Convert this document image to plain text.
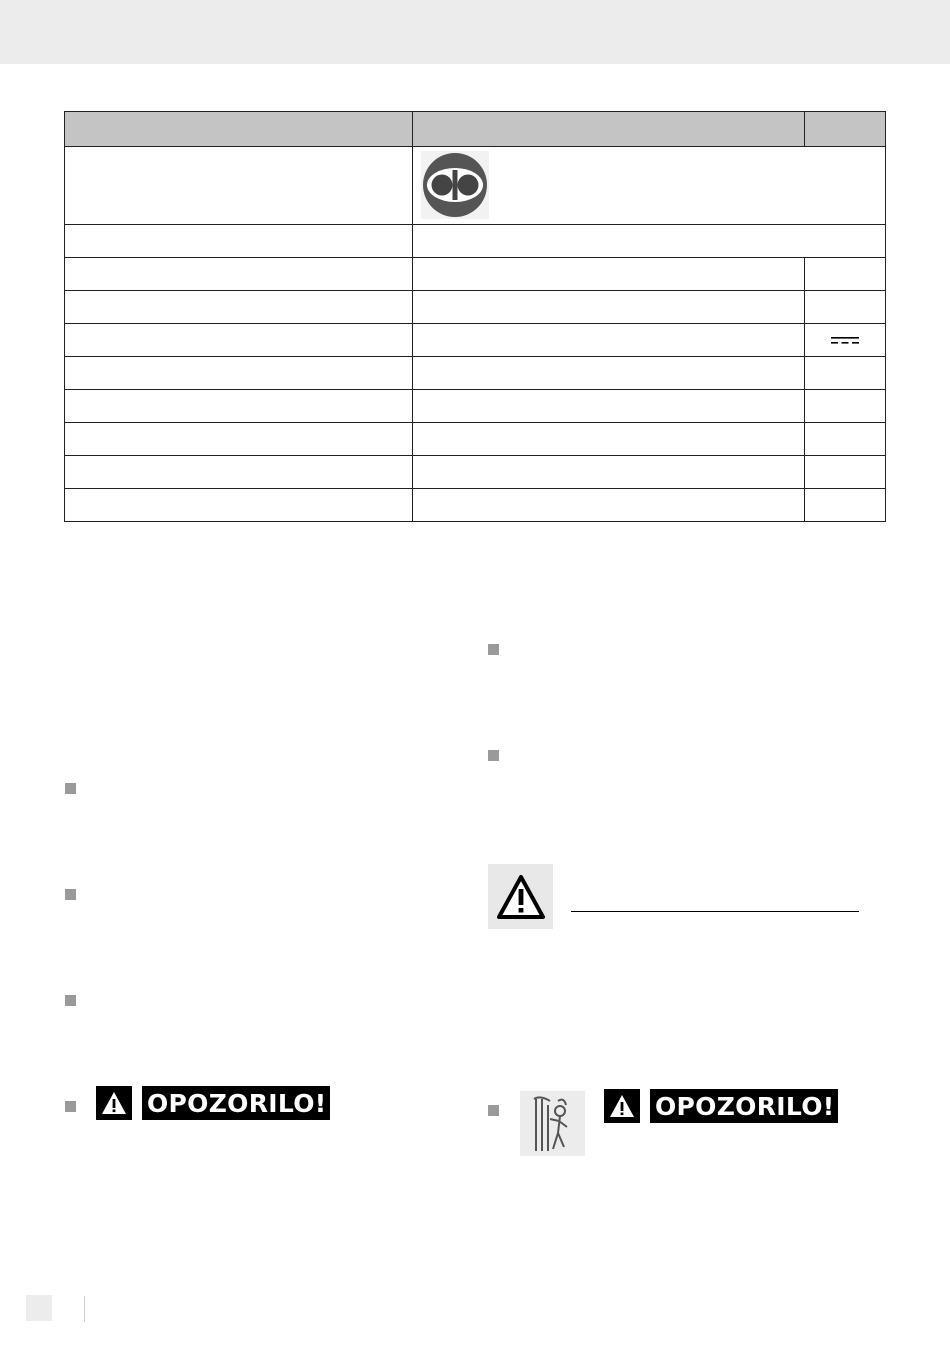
OPOZORILO!	OPOZORILO!
